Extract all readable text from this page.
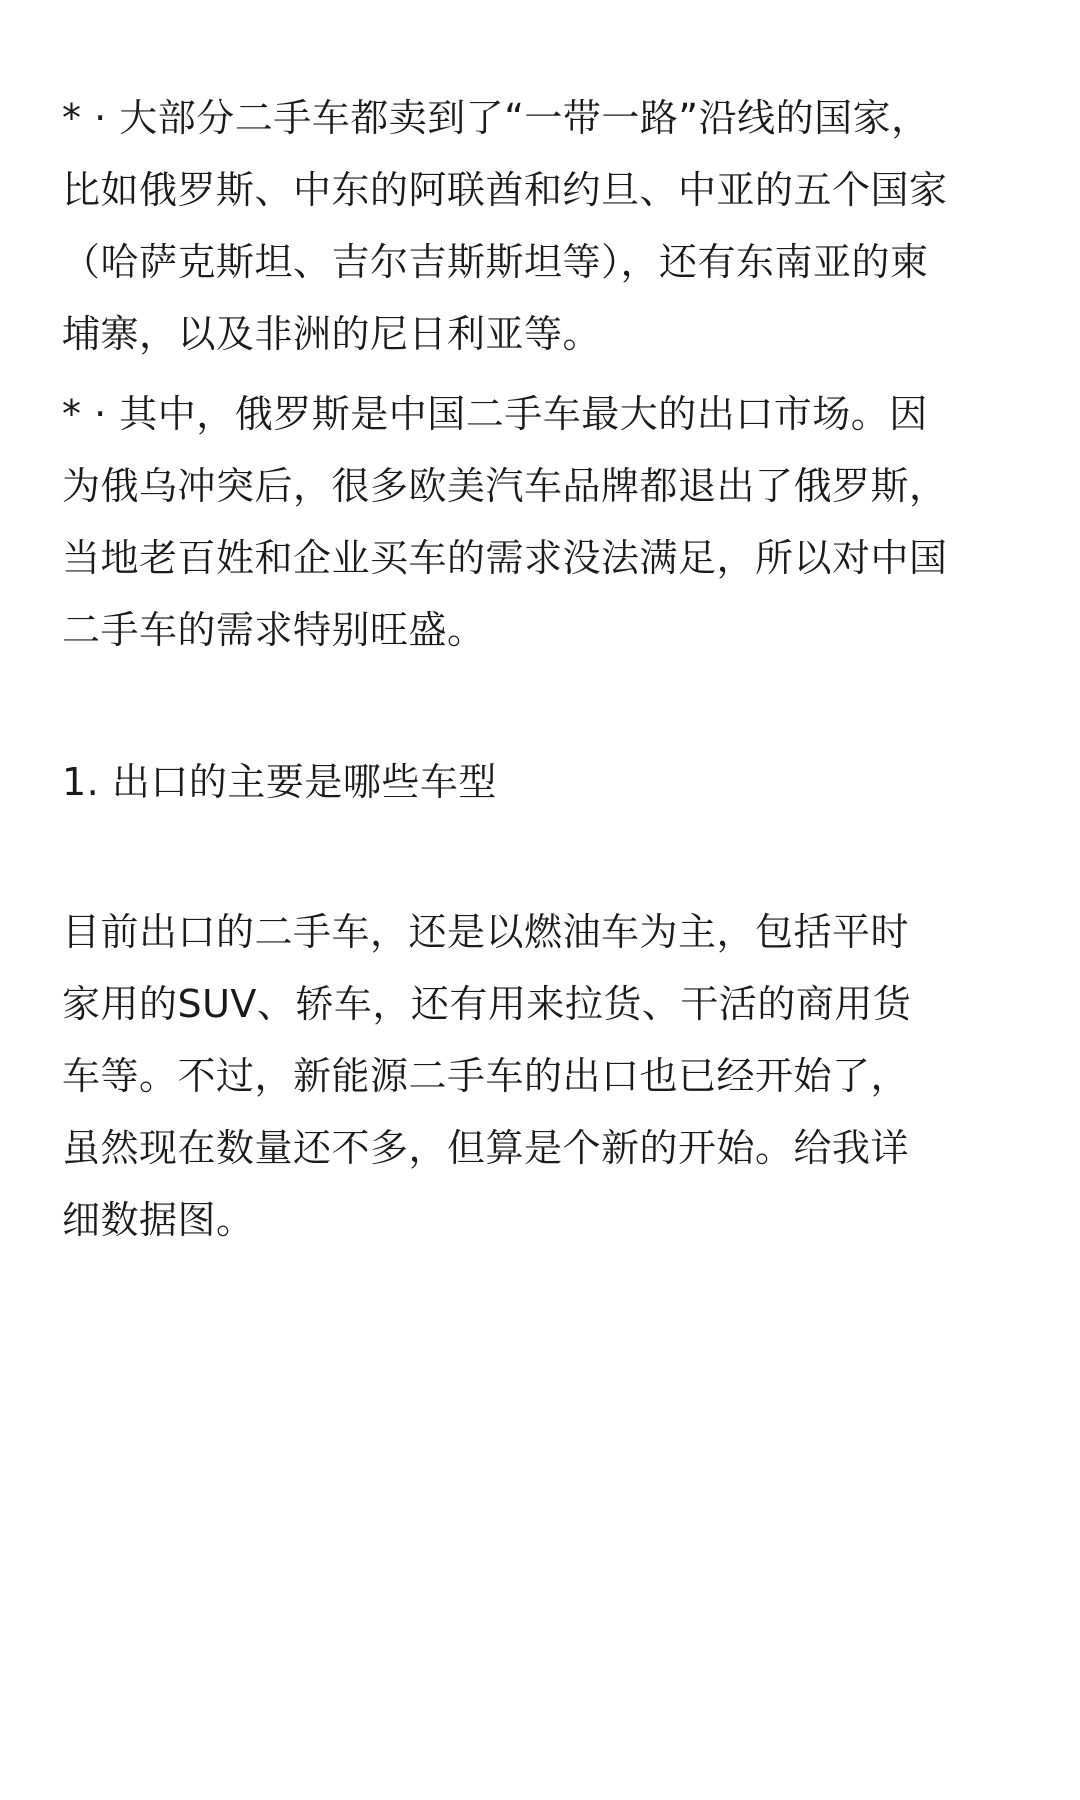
* · 大部分二手车都卖到了“一带一路”沿线的国家，
比如俄罗斯、中东的阿联酋和约旦、中亚的五个国家
（哈萨克斯坦、吉尔吉斯斯坦等），还有东南亚的柬
埔寨，以及非洲的尼日利亚等。
* · 其中，俄罗斯是中国二手车最大的出口市场。因
为俄乌冲突后，很多欧美汽车品牌都退出了俄罗斯，
当地老百姓和企业买车的需求没法满足，所以对中国
二手车的需求特别旺盛。
1. 出口的主要是哪些车型
目前出口的二手车，还是以燃油车为主，包括平时
家用的SUV、轿车，还有用来拉货、干活的商用货
车等。不过，新能源二手车的出口也已经开始了，
虽然现在数量还不多，但算是个新的开始。给我详
细数据图。
